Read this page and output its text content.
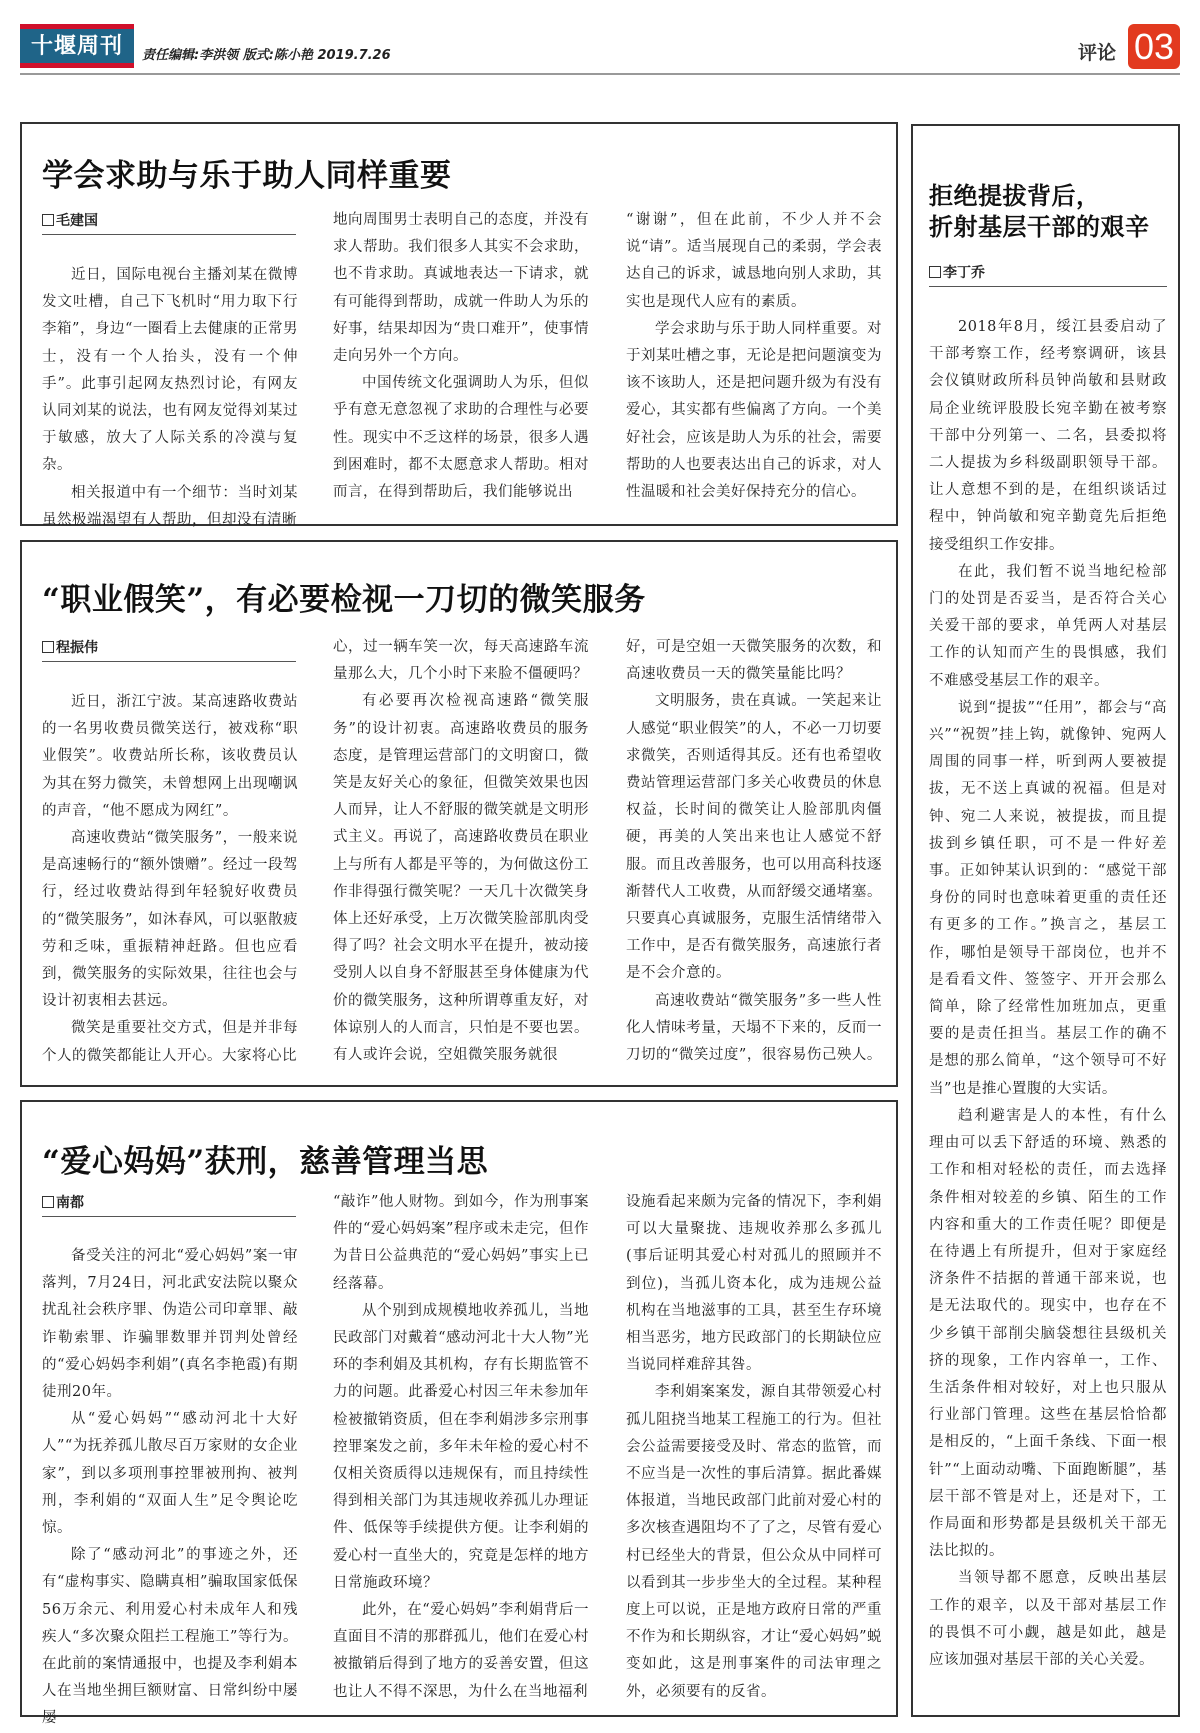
十堰周刊	责任编辑:李洪领 版式:陈小艳 2019.7.26	评论 03
学会求助与乐于助人同样重要
毛建国

近日，国际电视台主播刘某在微博发文吐槽，自己下飞机时“用力取下行李箱”，身边“一圈看上去健康的正常男士，没有一个人抬头，没有一个伸手”。此事引起网友热烈讨论，有网友认同刘某的说法，也有网友觉得刘某过于敏感，放大了人际关系的冷漠与复杂。

相关报道中有一个细节：当时刘某虽然极端渴望有人帮助，但却没有清晰

地向周围男士表明自己的态度，并没有求人帮助。我们很多人其实不会求助，也不肯求助。真诚地表达一下请求，就有可能得到帮助，成就一件助人为乐的好事，结果却因为“贵口难开”，使事情走向另外一个方向。

中国传统文化强调助人为乐，但似乎有意无意忽视了求助的合理性与必要性。现实中不乏这样的场景，很多人遇到困难时，都不太愿意求人帮助。相对而言，在得到帮助后，我们能够说出

“谢谢”，但在此前，不少人并不会说“请”。适当展现自己的柔弱，学会表达自己的诉求，诚恳地向别人求助，其实也是现代人应有的素质。

学会求助与乐于助人同样重要。对于刘某吐槽之事，无论是把问题演变为该不该助人，还是把问题升级为有没有爱心，其实都有些偏离了方向。一个美好社会，应该是助人为乐的社会，需要帮助的人也要表达出自己的诉求，对人性温暖和社会美好保持充分的信心。

“职业假笑”，有必要检视一刀切的微笑服务
程振伟

近日，浙江宁波。某高速路收费站的一名男收费员微笑送行，被戏称“职业假笑”。收费站所长称，该收费员认为其在努力微笑，未曾想网上出现嘲讽的声音，“他不愿成为网红”。

高速收费站“微笑服务”，一般来说是高速畅行的“额外馈赠”。经过一段驾行，经过收费站得到年轻貌好收费员的“微笑服务”，如沐春风，可以驱散疲劳和乏味，重振精神赶路。但也应看到，微笑服务的实际效果，往往也会与设计初衷相去甚远。

微笑是重要社交方式，但是并非每个人的微笑都能让人开心。大家将心比

心，过一辆车笑一次，每天高速路车流量那么大，几个小时下来脸不僵硬吗？

有必要再次检视高速路“微笑服务”的设计初衷。高速路收费员的服务态度，是管理运营部门的文明窗口，微笑是友好关心的象征，但微笑效果也因人而异，让人不舒服的微笑就是文明形式主义。再说了，高速路收费员在职业上与所有人都是平等的，为何做这份工作非得强行微笑呢？一天几十次微笑身体上还好承受，上万次微笑脸部肌肉受得了吗？社会文明水平在提升，被动接受别人以自身不舒服甚至身体健康为代价的微笑服务，这种所谓尊重友好，对体谅别人的人而言，只怕是不要也罢。有人或许会说，空姐微笑服务就很

好，可是空姐一天微笑服务的次数，和高速收费员一天的微笑量能比吗？

文明服务，贵在真诚。一笑起来让人感觉“职业假笑”的人，不必一刀切要求微笑，否则适得其反。还有也希望收费站管理运营部门多关心收费员的休息权益，长时间的微笑让人脸部肌肉僵硬，再美的人笑出来也让人感觉不舒服。而且改善服务，也可以用高科技逐渐替代人工收费，从而舒缓交通堵塞。只要真心真诚服务，克服生活情绪带入工作中，是否有微笑服务，高速旅行者是不会介意的。

高速收费站“微笑服务”多一些人性化人情味考量，天塌不下来的，反而一刀切的“微笑过度”，很容易伤己殃人。

“爱心妈妈”获刑，慈善管理当思
南都

备受关注的河北“爱心妈妈”案一审落判，7月24日，河北武安法院以聚众扰乱社会秩序罪、伪造公司印章罪、敲诈勒索罪、诈骗罪数罪并罚判处曾经的“爱心妈妈李利娟”(真名李艳霞)有期徒刑20年。

从“爱心妈妈”“感动河北十大好人”“为抚养孤儿散尽百万家财的女企业家”，到以多项刑事控罪被刑拘、被判刑，李利娟的“双面人生”足令舆论吃惊。

除了“感动河北”的事迹之外，还有“虚构事实、隐瞒真相”骗取国家低保56万余元、利用爱心村未成年人和残疾人“多次聚众阻拦工程施工”等行为。在此前的案情通报中，也提及李利娟本人在当地坐拥巨额财富、日常纠纷中屡屡

“敲诈”他人财物。到如今，作为刑事案件的“爱心妈妈案”程序或未走完，但作为昔日公益典范的“爱心妈妈”事实上已经落幕。

从个别到成规模地收养孤儿，当地民政部门对戴着“感动河北十大人物”光环的李利娟及其机构，存有长期监管不力的问题。此番爱心村因三年未参加年检被撤销资质，但在李利娟涉多宗刑事控罪案发之前，多年未年检的爱心村不仅相关资质得以违规保有，而且持续性得到相关部门为其违规收养孤儿办理证件、低保等手续提供方便。让李利娟的爱心村一直坐大的，究竟是怎样的地方日常施政环境？

此外，在“爱心妈妈”李利娟背后一直面目不清的那群孤儿，他们在爱心村被撤销后得到了地方的妥善安置，但这也让人不得不深思，为什么在当地福利

设施看起来颇为完备的情况下，李利娟可以大量聚拢、违规收养那么多孤儿(事后证明其爱心村对孤儿的照顾并不到位)，当孤儿资本化，成为违规公益机构在当地滋事的工具，甚至生存环境相当恶劣，地方民政部门的长期缺位应当说同样难辞其咎。

李利娟案案发，源自其带领爱心村孤儿阻挠当地某工程施工的行为。但社会公益需要接受及时、常态的监管，而不应当是一次性的事后清算。据此番媒体报道，当地民政部门此前对爱心村的多次核查遇阻均不了了之，尽管有爱心村已经坐大的背景，但公众从中同样可以看到其一步步坐大的全过程。某种程度上可以说，正是地方政府日常的严重不作为和长期纵容，才让“爱心妈妈”蜕变如此，这是刑事案件的司法审理之外，必须要有的反省。

拒绝提拔背后，
折射基层干部的艰辛
李丁乔

2018年8月，绥江县委启动了干部考察工作，经考察调研，该县会仪镇财政所科员钟尚敏和县财政局企业统评股股长宛辛勤在被考察干部中分列第一、二名，县委拟将二人提拔为乡科级副职领导干部。让人意想不到的是，在组织谈话过程中，钟尚敏和宛辛勤竟先后拒绝接受组织工作安排。

在此，我们暂不说当地纪检部门的处罚是否妥当，是否符合关心关爱干部的要求，单凭两人对基层工作的认知而产生的畏惧感，我们不难感受基层工作的艰辛。

说到“提拔”“任用”，都会与“高兴”“祝贺”挂上钩，就像钟、宛两人周围的同事一样，听到两人要被提拔，无不送上真诚的祝福。但是对钟、宛二人来说，被提拔，而且提拔到乡镇任职，可不是一件好差事。正如钟某认识到的：“感觉干部身份的同时也意味着更重的责任还有更多的工作。”换言之，基层工作，哪怕是领导干部岗位，也并不是看看文件、签签字、开开会那么简单，除了经常性加班加点，更重要的是责任担当。基层工作的确不是想的那么简单，“这个领导可不好当”也是推心置腹的大实话。

趋利避害是人的本性，有什么理由可以丢下舒适的环境、熟悉的工作和相对轻松的责任，而去选择条件相对较差的乡镇、陌生的工作内容和重大的工作责任呢？即便是在待遇上有所提升，但对于家庭经济条件不拮据的普通干部来说，也是无法取代的。现实中，也存在不少乡镇干部削尖脑袋想往县级机关挤的现象，工作内容单一，工作、生活条件相对较好，对上也只服从行业部门管理。这些在基层恰恰都是相反的，“上面千条线、下面一根针”“上面动动嘴、下面跑断腿”，基层干部不管是对上，还是对下，工作局面和形势都是县级机关干部无法比拟的。

当领导都不愿意，反映出基层工作的艰辛，以及干部对基层工作的畏惧不可小觑，越是如此，越是应该加强对基层干部的关心关爱。
